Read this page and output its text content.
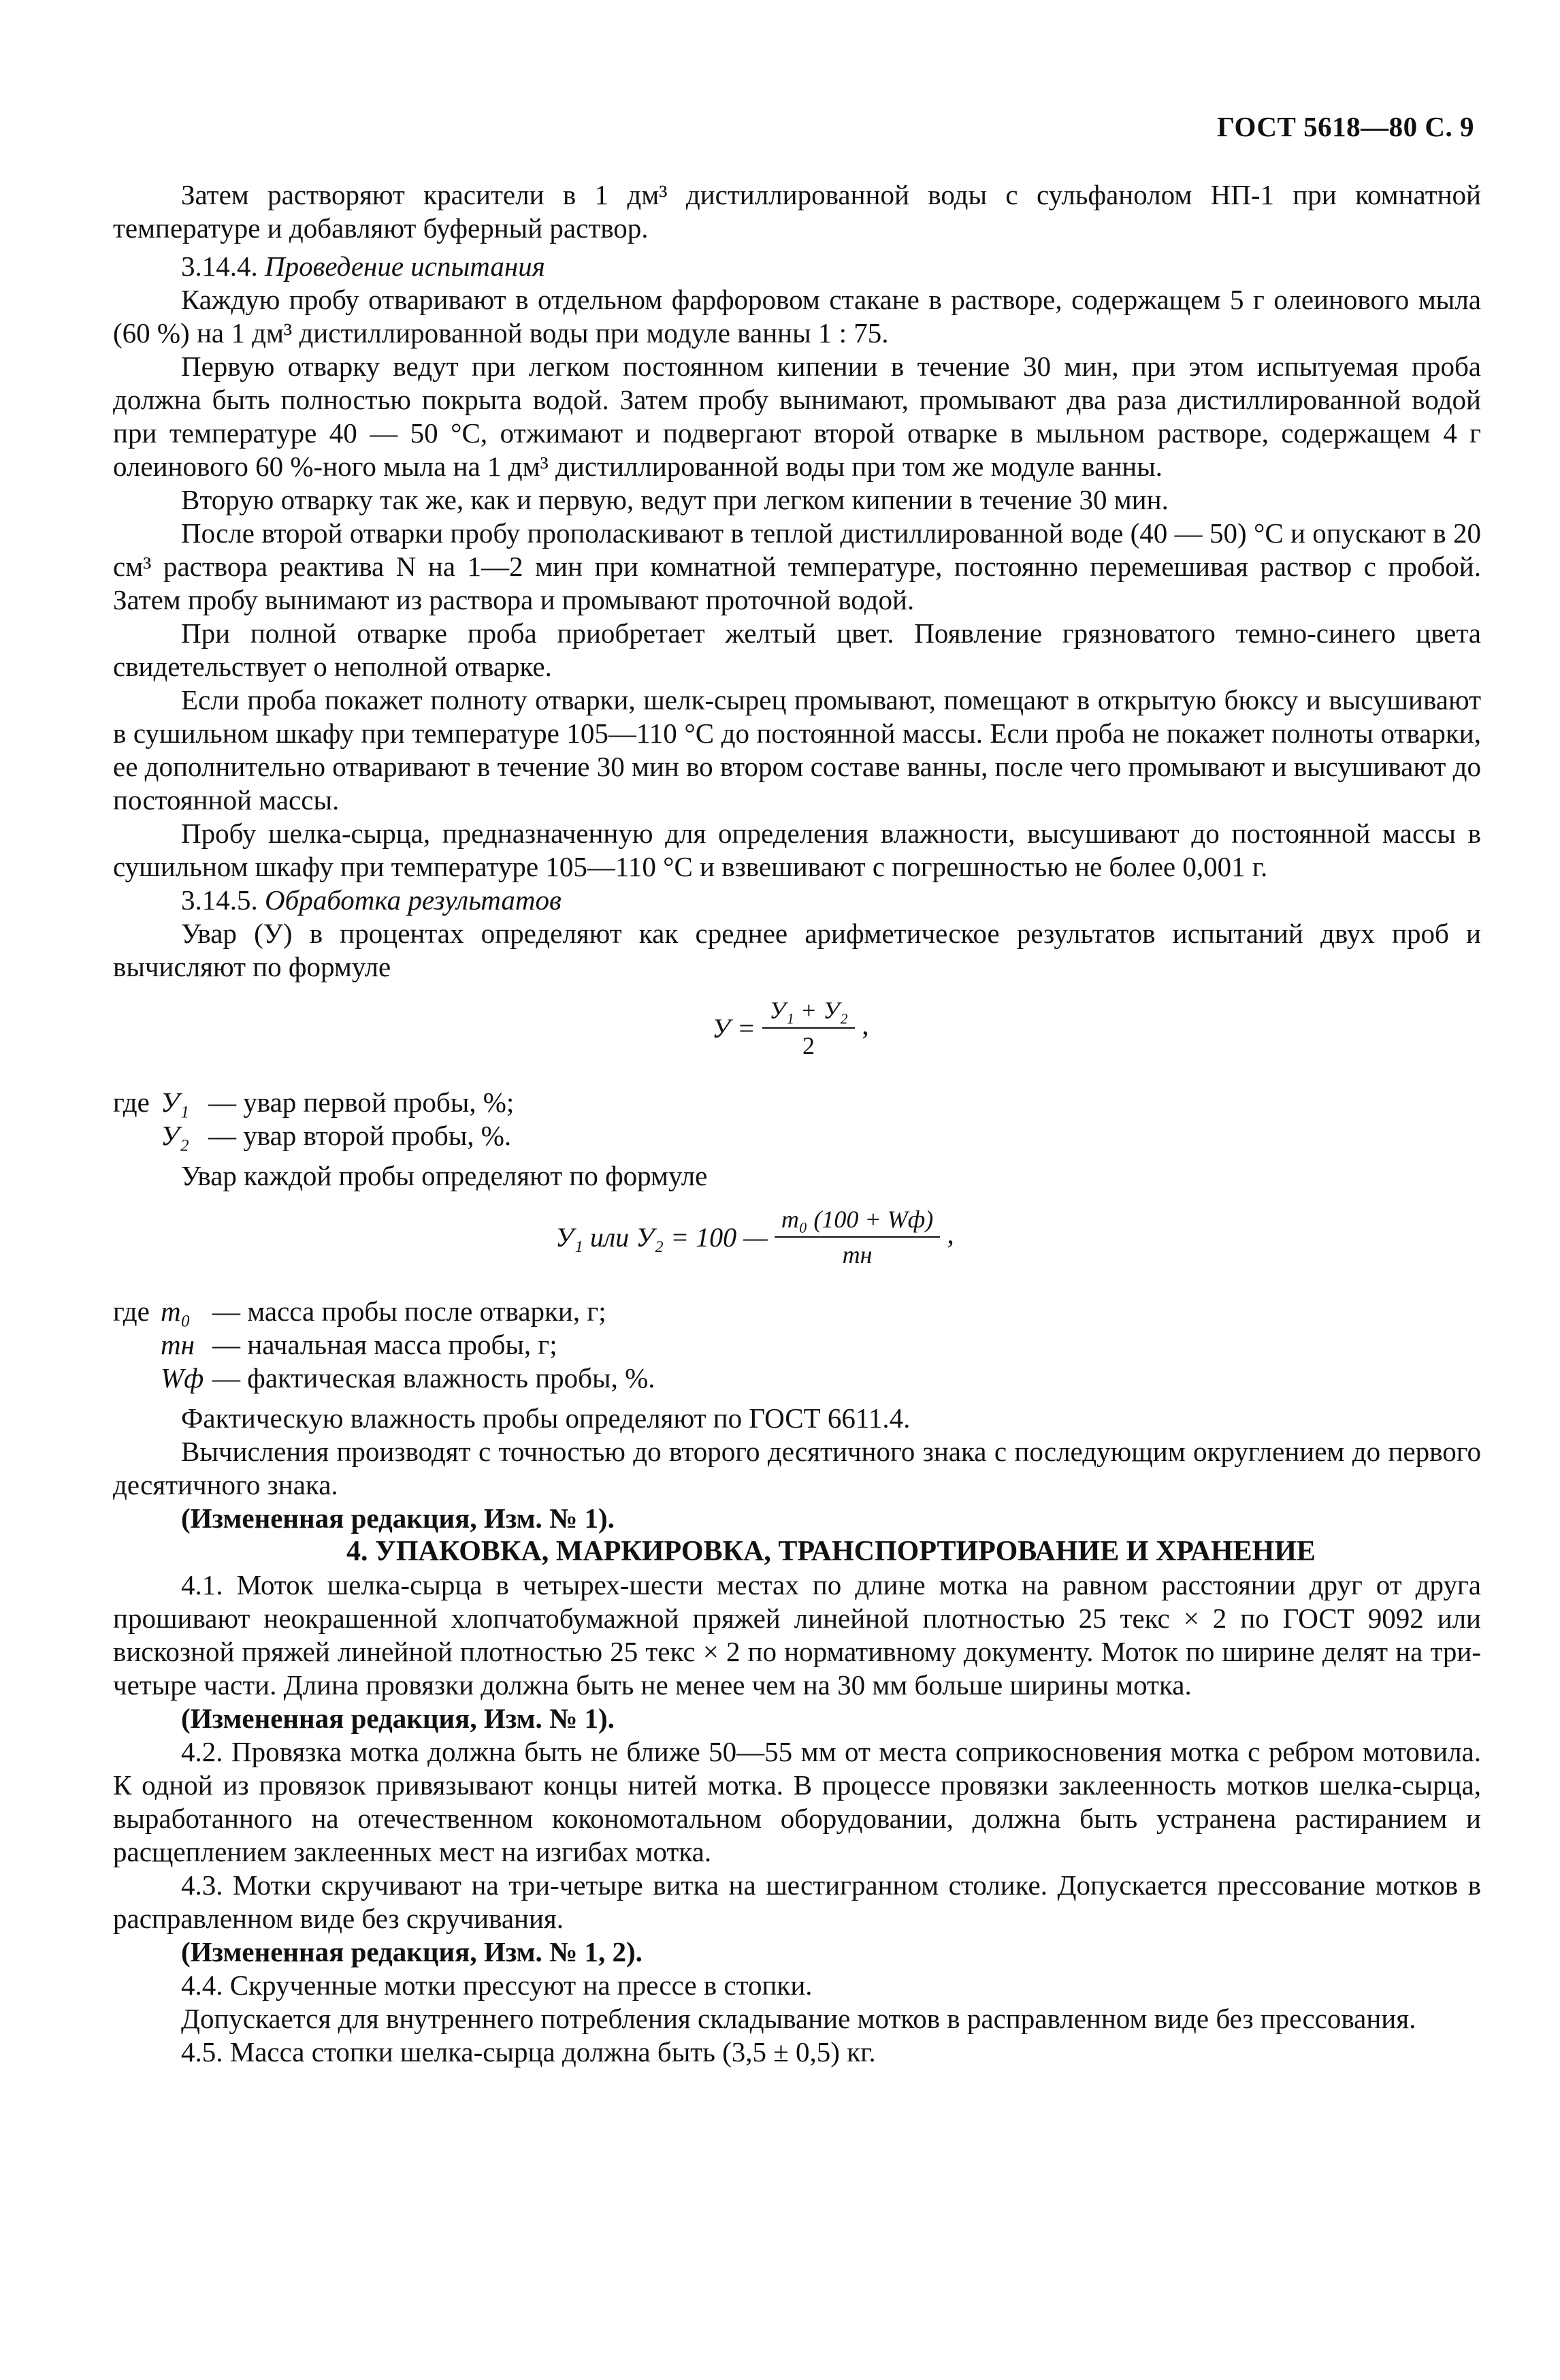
ГОСТ 5618—80 С. 9

Затем растворяют красители в 1 дм³ дистиллированной воды с сульфанолом НП-1 при комнатной температуре и добавляют буферный раствор.

3.14.4. Проведение испытания

Каждую пробу отваривают в отдельном фарфоровом стакане в растворе, содержащем 5 г олеинового мыла (60 %) на 1 дм³ дистиллированной воды при модуле ванны 1 : 75.

Первую отварку ведут при легком постоянном кипении в течение 30 мин, при этом испытуемая проба должна быть полностью покрыта водой. Затем пробу вынимают, промывают два раза дистиллированной водой при температуре 40 — 50 °С, отжимают и подвергают второй отварке в мыльном растворе, содержащем 4 г олеинового 60 %-ного мыла на 1 дм³ дистиллированной воды при том же модуле ванны.

Вторую отварку так же, как и первую, ведут при легком кипении в течение 30 мин.

После второй отварки пробу прополаскивают в теплой дистиллированной воде (40 — 50) °С и опускают в 20 см³ раствора реактива N на 1—2 мин при комнатной температуре, постоянно перемешивая раствор с пробой. Затем пробу вынимают из раствора и промывают проточной водой.

При полной отварке проба приобретает желтый цвет. Появление грязноватого темно-синего цвета свидетельствует о неполной отварке.

Если проба покажет полноту отварки, шелк-сырец промывают, помещают в открытую бюксу и высушивают в сушильном шкафу при температуре 105—110 °С до постоянной массы. Если проба не покажет полноты отварки, ее дополнительно отваривают в течение 30 мин во втором составе ванны, после чего промывают и высушивают до постоянной массы.

Пробу шелка-сырца, предназначенную для определения влажности, высушивают до постоянной массы в сушильном шкафу при температуре 105—110 °С и взвешивают с погрешностью не более 0,001 г.

3.14.5. Обработка результатов

Увар (У) в процентах определяют как среднее арифметическое результатов испытаний двух проб и вычисляют по формуле

$У = \frac{\text{У₁ + У₂}}{2}$ ,
где У₁ — увар первой пробы, %;
У₂ — увар второй пробы, %.

Увар каждой пробы определяют по формуле

У₁ или У₂ = 100 — $\frac{\text{m₀ (100 + Wф)}}{mн}$ ,
где m₀ — масса пробы после отварки, г;
mн — начальная масса пробы, г;
Wф — фактическая влажность пробы, %.

Фактическую влажность пробы определяют по ГОСТ 6611.4.

Вычисления производят с точностью до второго десятичного знака с последующим округлением до первого десятичного знака.

(Измененная редакция, Изм. № 1).

4. УПАКОВКА, МАРКИРОВКА, ТРАНСПОРТИРОВАНИЕ И ХРАНЕНИЕ

4.1. Моток шелка-сырца в четырех-шести местах по длине мотка на равном расстоянии друг от друга прошивают неокрашенной хлопчатобумажной пряжей линейной плотностью 25 текс × 2 по ГОСТ 9092 или вискозной пряжей линейной плотностью 25 текс × 2 по нормативному документу. Моток по ширине делят на три-четыре части. Длина провязки должна быть не менее чем на 30 мм больше ширины мотка.

(Измененная редакция, Изм. № 1).

4.2. Провязка мотка должна быть не ближе 50—55 мм от места соприкосновения мотка с ребром мотовила. К одной из провязок привязывают концы нитей мотка. В процессе провязки заклеенность мотков шелка-сырца, выработанного на отечественном кокономотальном оборудовании, должна быть устранена растиранием и расщеплением заклеенных мест на изгибах мотка.

4.3. Мотки скручивают на три-четыре витка на шестигранном столике. Допускается прессование мотков в расправленном виде без скручивания.

(Измененная редакция, Изм. № 1, 2).

4.4. Скрученные мотки прессуют на прессе в стопки.

Допускается для внутреннего потребления складывание мотков в расправленном виде без прессования.

4.5. Масса стопки шелка-сырца должна быть (3,5 ± 0,5) кг.
